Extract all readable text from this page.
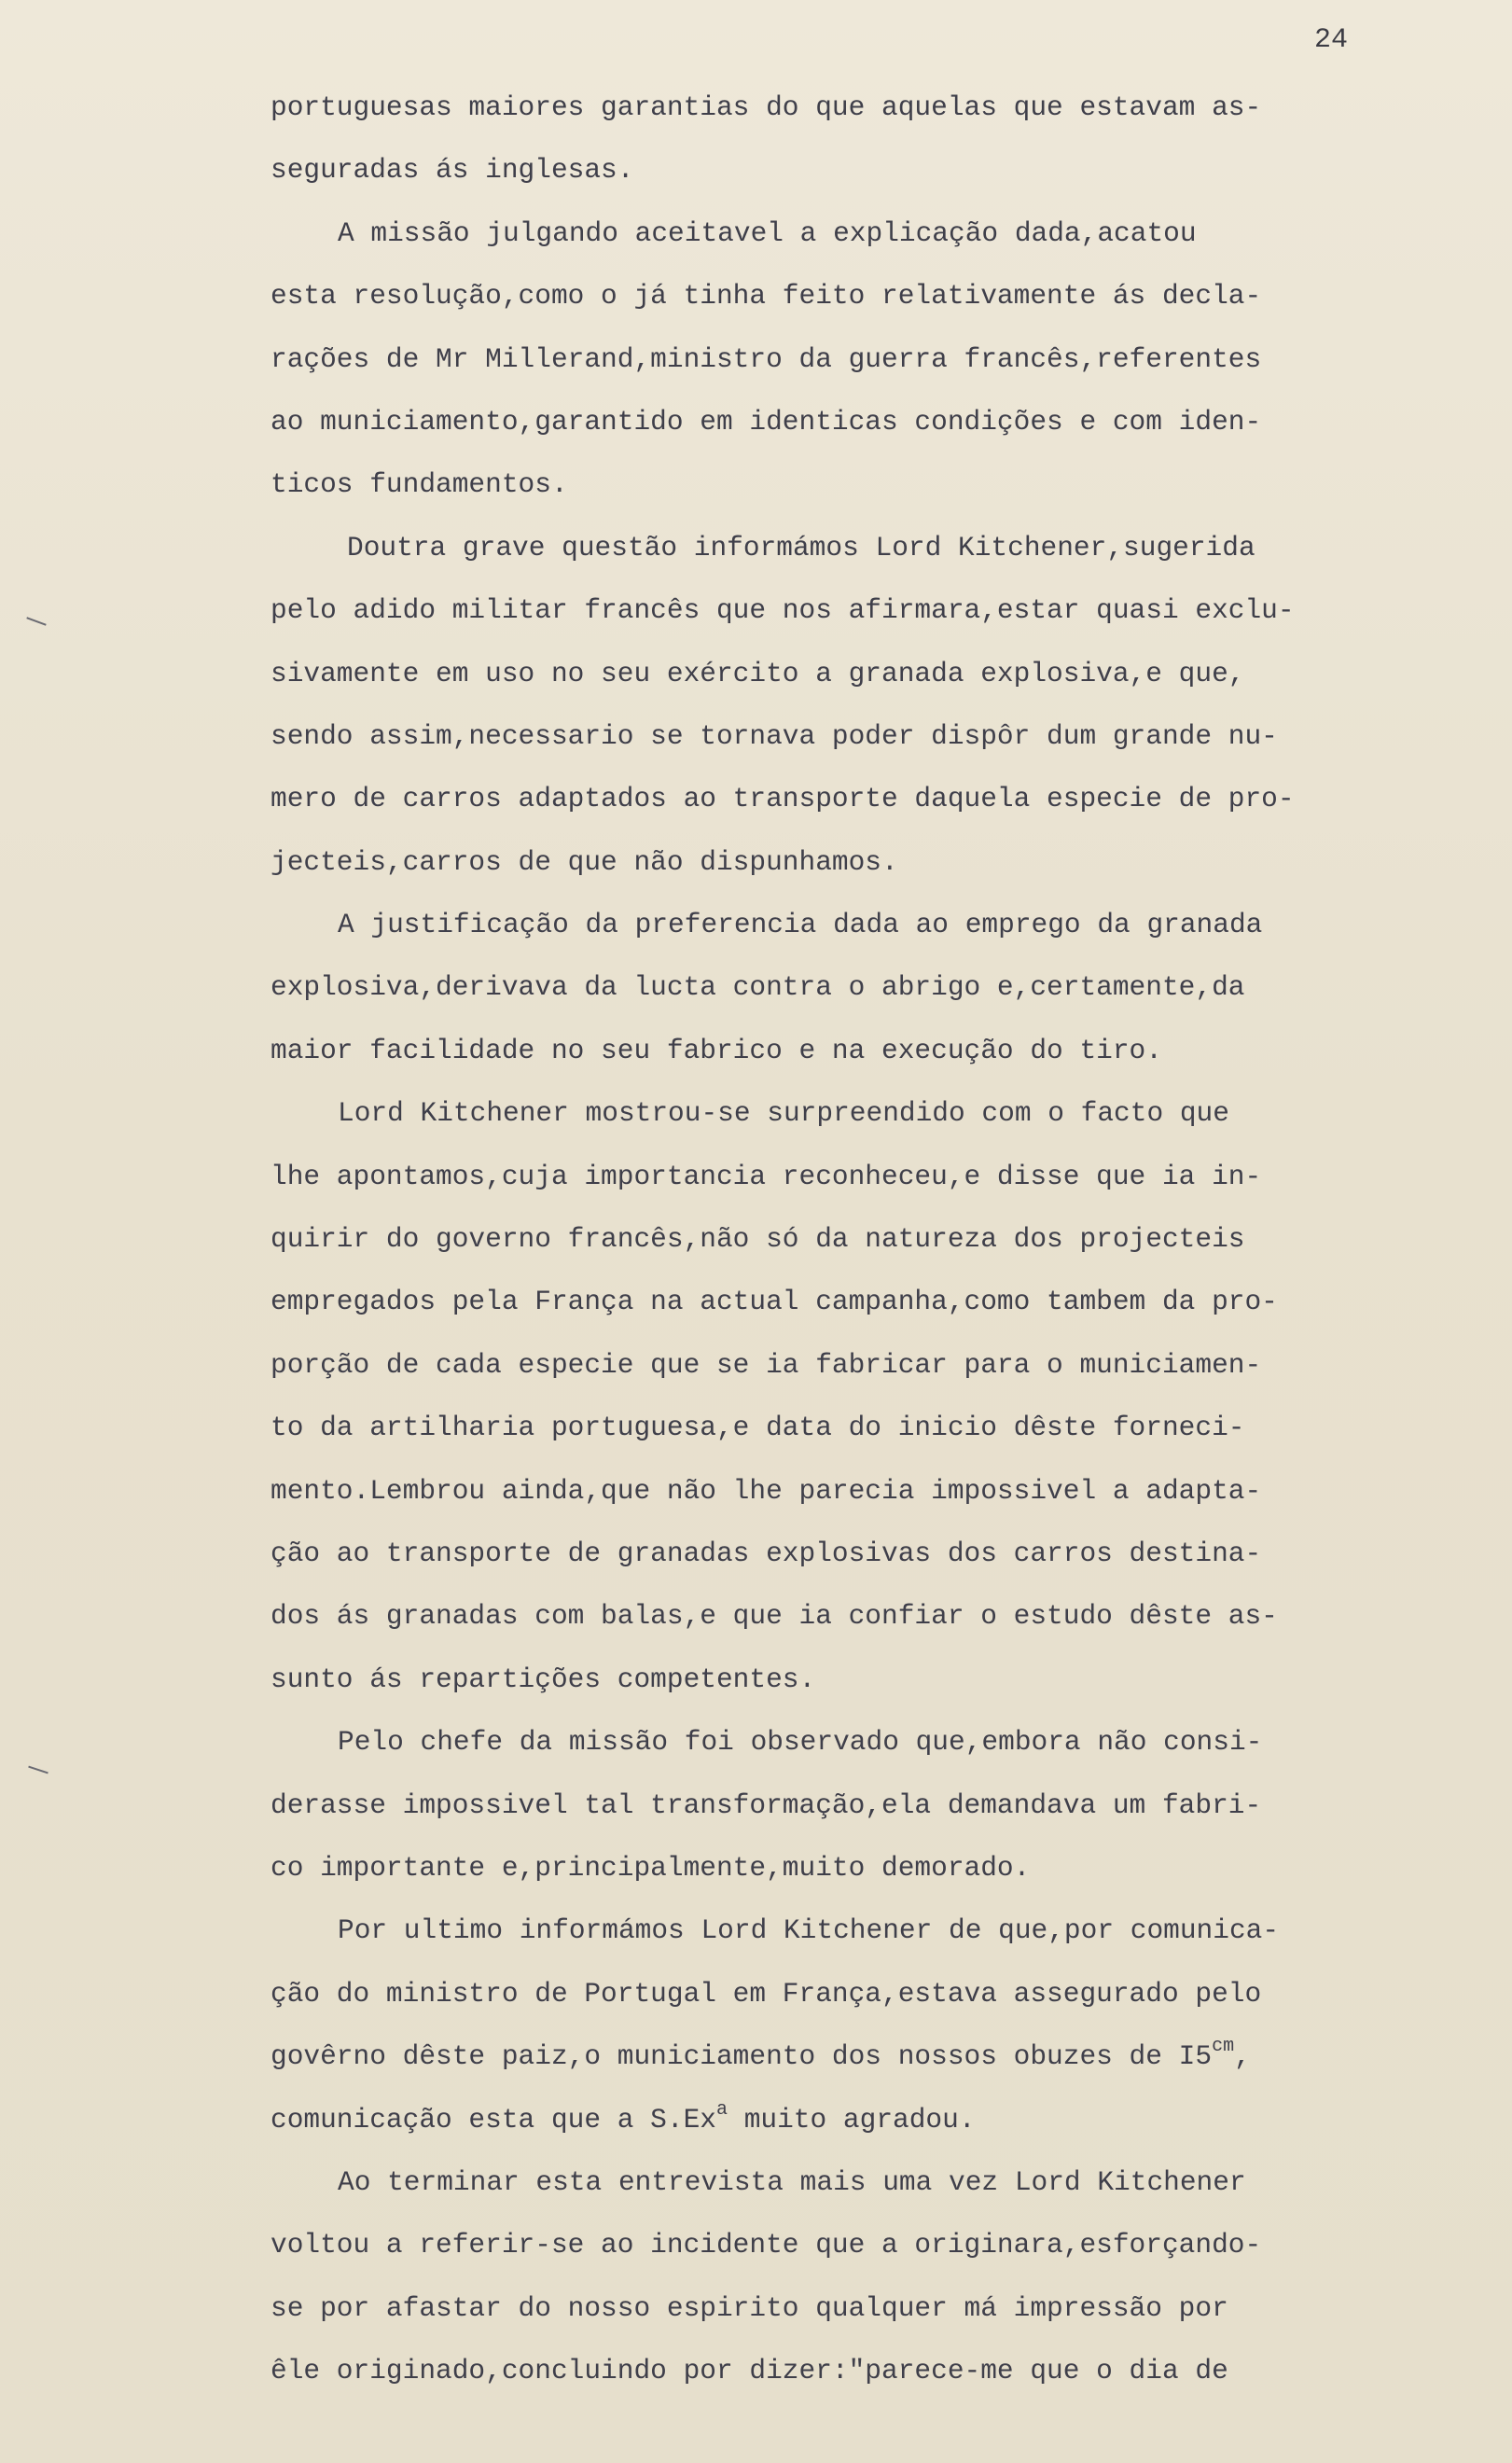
24
portuguesas maiores garantias do que aquelas que estavam as-
seguradas ás inglesas.
A missão julgando aceitavel a explicação dada,acatou
esta resolução,como o já tinha feito relativamente ás decla-
rações de Mr Millerand,ministro da guerra francês,referentes
ao municiamento,garantido em identicas condições e com iden-
ticos fundamentos.
Doutra grave questão informámos Lord Kitchener,sugerida
pelo adido militar francês que nos afirmara,estar quasi exclu-
sivamente em uso no seu exército a granada explosiva,e que,
sendo assim,necessario se tornava poder dispôr dum grande nu-
mero de carros adaptados ao transporte daquela especie de pro-
jecteis,carros de que não dispunhamos.
A justificação da preferencia dada ao emprego da granada
explosiva,derivava da lucta contra o abrigo e,certamente,da
maior facilidade no seu fabrico e na execução do tiro.
Lord Kitchener mostrou-se surpreendido com o facto que
lhe apontamos,cuja importancia reconheceu,e disse que ia in-
quirir do governo francês,não só da natureza dos projecteis
empregados pela França na actual campanha,como tambem da pro-
porção de cada especie que se ia fabricar para o municiamen-
to da artilharia portuguesa,e data do inicio dêste forneci-
mento.Lembrou ainda,que não lhe parecia impossivel a adapta-
ção ao transporte de granadas explosivas dos carros destina-
dos ás granadas com balas,e que ia confiar o estudo dêste as-
sunto ás repartições competentes.
Pelo chefe da missão foi observado que,embora não consi-
derasse impossivel tal transformação,ela demandava um fabri-
co importante e,principalmente,muito demorado.
Por ultimo informámos Lord Kitchener de que,por comunica-
ção do ministro de Portugal em França,estava assegurado pelo
govêrno dêste paiz,o municiamento dos nossos obuzes de $I5^{cm}$,
comunicação esta que a S.Ex$^a$ muito agradou.
Ao terminar esta entrevista mais uma vez Lord Kitchener
voltou a referir-se ao incidente que a originara,esforçando-
se por afastar do nosso espirito qualquer má impressão por
êle originado,concluindo por dizer:"parece-me que o dia de
